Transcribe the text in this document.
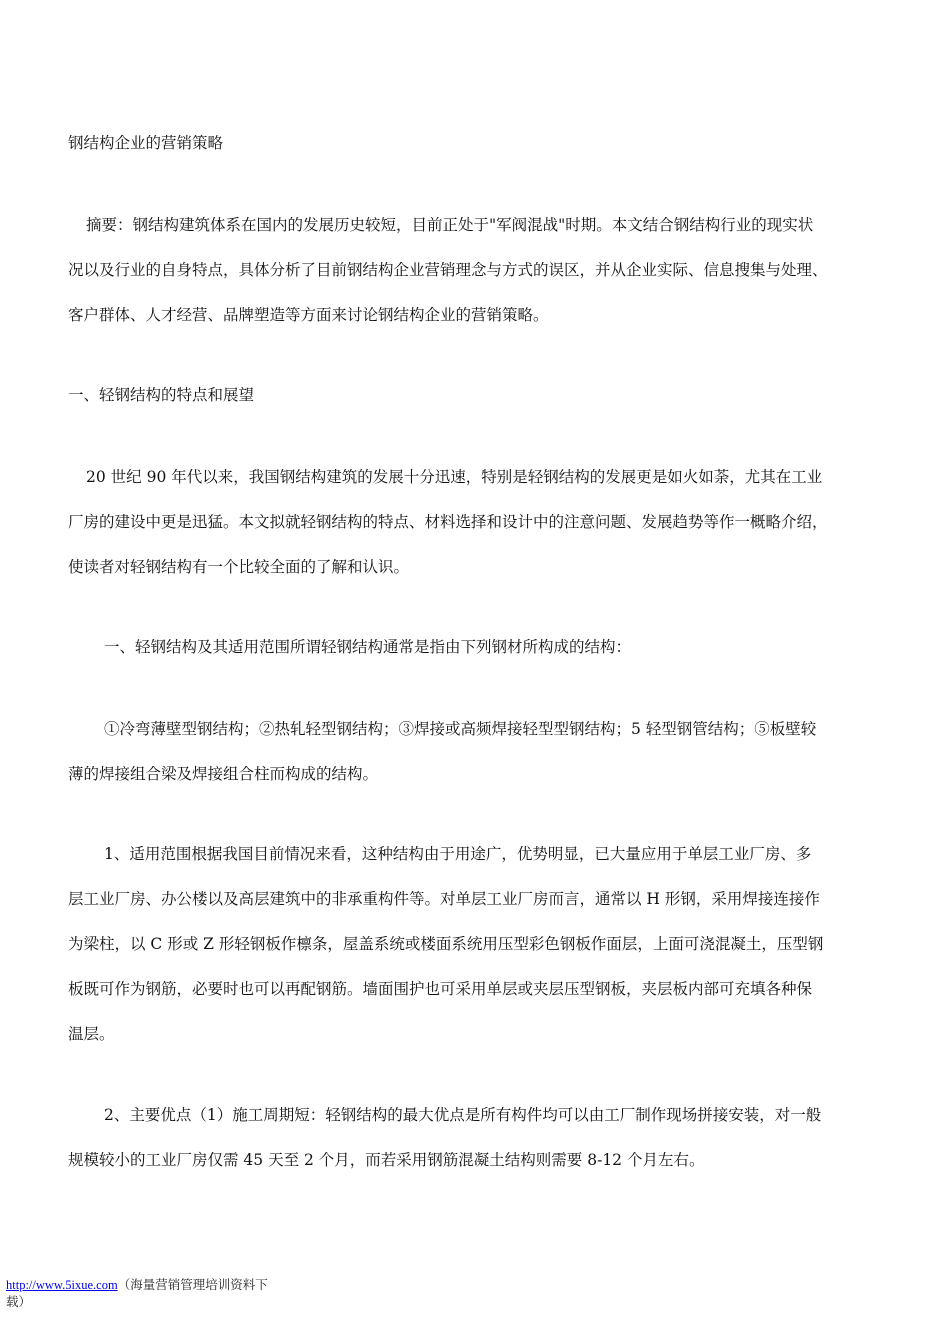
钢结构企业的营销策略
摘要：钢结构建筑体系在国内的发展历史较短，目前正处于"军阀混战"时期。本文结合钢结构行业的现实状
况以及行业的自身特点，具体分析了目前钢结构企业营销理念与方式的误区，并从企业实际、信息搜集与处理、
客户群体、人才经营、品牌塑造等方面来讨论钢结构企业的营销策略。
一、轻钢结构的特点和展望
20 世纪 90 年代以来，我国钢结构建筑的发展十分迅速，特别是轻钢结构的发展更是如火如荼，尤其在工业
厂房的建设中更是迅猛。本文拟就轻钢结构的特点、材料选择和设计中的注意问题、发展趋势等作一概略介绍，
使读者对轻钢结构有一个比较全面的了解和认识。
一、轻钢结构及其适用范围所谓轻钢结构通常是指由下列钢材所构成的结构：
①冷弯薄壁型钢结构；②热轧轻型钢结构；③焊接或高频焊接轻型型钢结构；5 轻型钢管结构；⑤板壁较
薄的焊接组合梁及焊接组合柱而构成的结构。
1、适用范围根据我国目前情况来看，这种结构由于用途广，优势明显，已大量应用于单层工业厂房、多
层工业厂房、办公楼以及高层建筑中的非承重构件等。对单层工业厂房而言，通常以 H 形钢，采用焊接连接作
为梁柱，以 C 形或 Z 形轻钢板作檩条，屋盖系统或楼面系统用压型彩色钢板作面层，上面可浇混凝土，压型钢
板既可作为钢筋，必要时也可以再配钢筋。墙面围护也可采用单层或夹层压型钢板，夹层板内部可充填各种保
温层。
2、主要优点（1）施工周期短：轻钢结构的最大优点是所有构件均可以由工厂制作现场拼接安装，对一般
规模较小的工业厂房仅需 45 天至 2 个月，而若采用钢筋混凝土结构则需要 8-12 个月左右。
http://www.5ixue.com（海量营销管理培训资料下
载）
